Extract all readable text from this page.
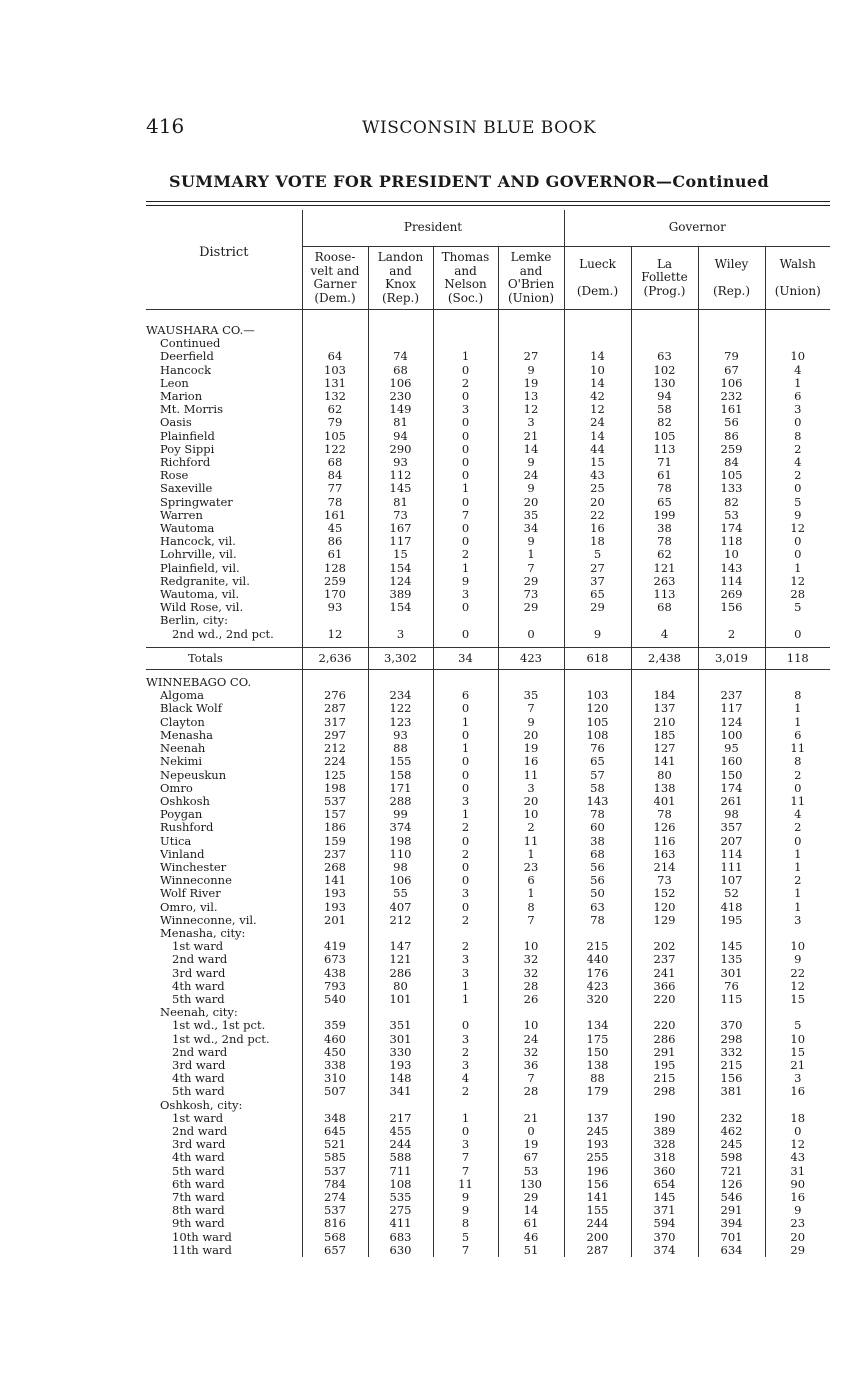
416	WISCONSIN BLUE BOOK
SUMMARY VOTE FOR PRESIDENT AND GOVERNOR—Continued
District	President				Governor			
	Roose-
velt and
Garner
(Dem.)	Landon
and
Knox
(Rep.)	Thomas
and
Nelson
(Soc.)	Lemke
and
O'Brien
(Union)	Lueck

(Dem.)	La
Follette
(Prog.)	Wiley

(Rep.)	Walsh

(Union)

WAUSHARA CO.—								
Continued								
Deerfield	64	74	1	27	14	63	79	10
Hancock	103	68	0	9	10	102	67	4
Leon	131	106	2	19	14	130	106	1
Marion	132	230	0	13	42	94	232	6
Mt. Morris	62	149	3	12	12	58	161	3
Oasis	79	81	0	3	24	82	56	0
Plainfield	105	94	0	21	14	105	86	8
Poy Sippi	122	290	0	14	44	113	259	2
Richford	68	93	0	9	15	71	84	4
Rose	84	112	0	24	43	61	105	2
Saxeville	77	145	1	9	25	78	133	0
Springwater	78	81	0	20	20	65	82	5
Warren	161	73	7	35	22	199	53	9
Wautoma	45	167	0	34	16	38	174	12
Hancock, vil.	86	117	0	9	18	78	118	0
Lohrville, vil.	61	15	2	1	5	62	10	0
Plainfield, vil.	128	154	1	7	27	121	143	1
Redgranite, vil.	259	124	9	29	37	263	114	12
Wautoma, vil.	170	389	3	73	65	113	269	28
Wild Rose, vil.	93	154	0	29	29	68	156	5
Berlin, city:								
2nd wd., 2nd pct.	12	3	0	0	9	4	2	0

Totals	2,636	3,302	34	423	618	2,438	3,019	118

WINNEBAGO CO.								
Algoma	276	234	6	35	103	184	237	8
Black Wolf	287	122	0	7	120	137	117	1
Clayton	317	123	1	9	105	210	124	1
Menasha	297	93	0	20	108	185	100	6
Neenah	212	88	1	19	76	127	95	11
Nekimi	224	155	0	16	65	141	160	8
Nepeuskun	125	158	0	11	57	80	150	2
Omro	198	171	0	3	58	138	174	0
Oshkosh	537	288	3	20	143	401	261	11
Poygan	157	99	1	10	78	78	98	4
Rushford	186	374	2	2	60	126	357	2
Utica	159	198	0	11	38	116	207	0
Vinland	237	110	2	1	68	163	114	1
Winchester	268	98	0	23	56	214	111	1
Winneconne	141	106	0	6	56	73	107	2
Wolf River	193	55	3	1	50	152	52	1
Omro, vil.	193	407	0	8	63	120	418	1
Winneconne, vil.	201	212	2	7	78	129	195	3
Menasha, city:								
1st ward	419	147	2	10	215	202	145	10
2nd ward	673	121	3	32	440	237	135	9
3rd ward	438	286	3	32	176	241	301	22
4th ward	793	80	1	28	423	366	76	12
5th ward	540	101	1	26	320	220	115	15
Neenah, city:								
1st wd., 1st pct.	359	351	0	10	134	220	370	5
1st wd., 2nd pct.	460	301	3	24	175	286	298	10
2nd ward	450	330	2	32	150	291	332	15
3rd ward	338	193	3	36	138	195	215	21
4th ward	310	148	4	7	88	215	156	3
5th ward	507	341	2	28	179	298	381	16
Oshkosh, city:								
1st ward	348	217	1	21	137	190	232	18
2nd ward	645	455	0	0	245	389	462	0
3rd ward	521	244	3	19	193	328	245	12
4th ward	585	588	7	67	255	318	598	43
5th ward	537	711	7	53	196	360	721	31
6th ward	784	108	11	130	156	654	126	90
7th ward	274	535	9	29	141	145	546	16
8th ward	537	275	9	14	155	371	291	9
9th ward	816	411	8	61	244	594	394	23
10th ward	568	683	5	46	200	370	701	20
11th ward	657	630	7	51	287	374	634	29
